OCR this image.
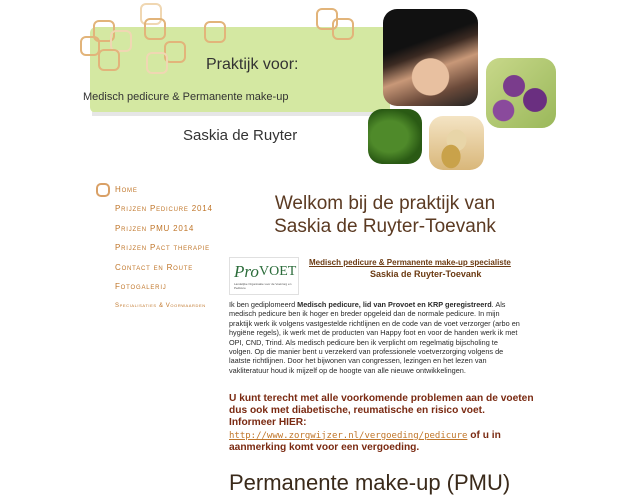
Praktijk voor:
Medisch pedicure & Permanente make-up
Saskia de Ruyter
Home
Prijzen Pedicure 2014
Prijzen PMU 2014
Prijzen Pact therapie
Contact en Route
Fotogalerij
Specialisaties & Voorwaarden
Welkom bij de praktijk van
Saskia de Ruyter-Toevank
Pro VOET
Landelijke Organisatie voor de Voetzorg en Pedicure
Medisch pedicure & Permanente make-up specialiste
Saskia de Ruyter-Toevank
Ik ben gediplomeerd Medisch pedicure, lid van Provoet en KRP geregistreerd. Als medisch pedicure ben ik hoger en breder opgeleid dan de normale pedicure. In mijn praktijk werk ik volgens vastgestelde richtlijnen en de code van de voet verzorger (arbo en hygiëne regels), ik werk met de producten van Happy foot en voor de handen werk ik met OPI, CND, Trind. Als medisch pedicure ben ik verplicht om regelmatig bijscholing te volgen. Op die manier bent u verzekerd van professionele voetverzorging volgens de laatste richtlijnen. Door het bijwonen van congressen, lezingen en het lezen van vakliteratuur houd ik mijzelf op de hoogte van alle nieuwe ontwikkelingen.
U kunt terecht met alle voorkomende problemen aan de voeten dus ook met diabetische, reumatische en risico voet. Informeer HIER: http://www.zorgwijzer.nl/vergoeding/pedicure of u in aanmerking komt voor een vergoeding.
Permanente make-up (PMU)
